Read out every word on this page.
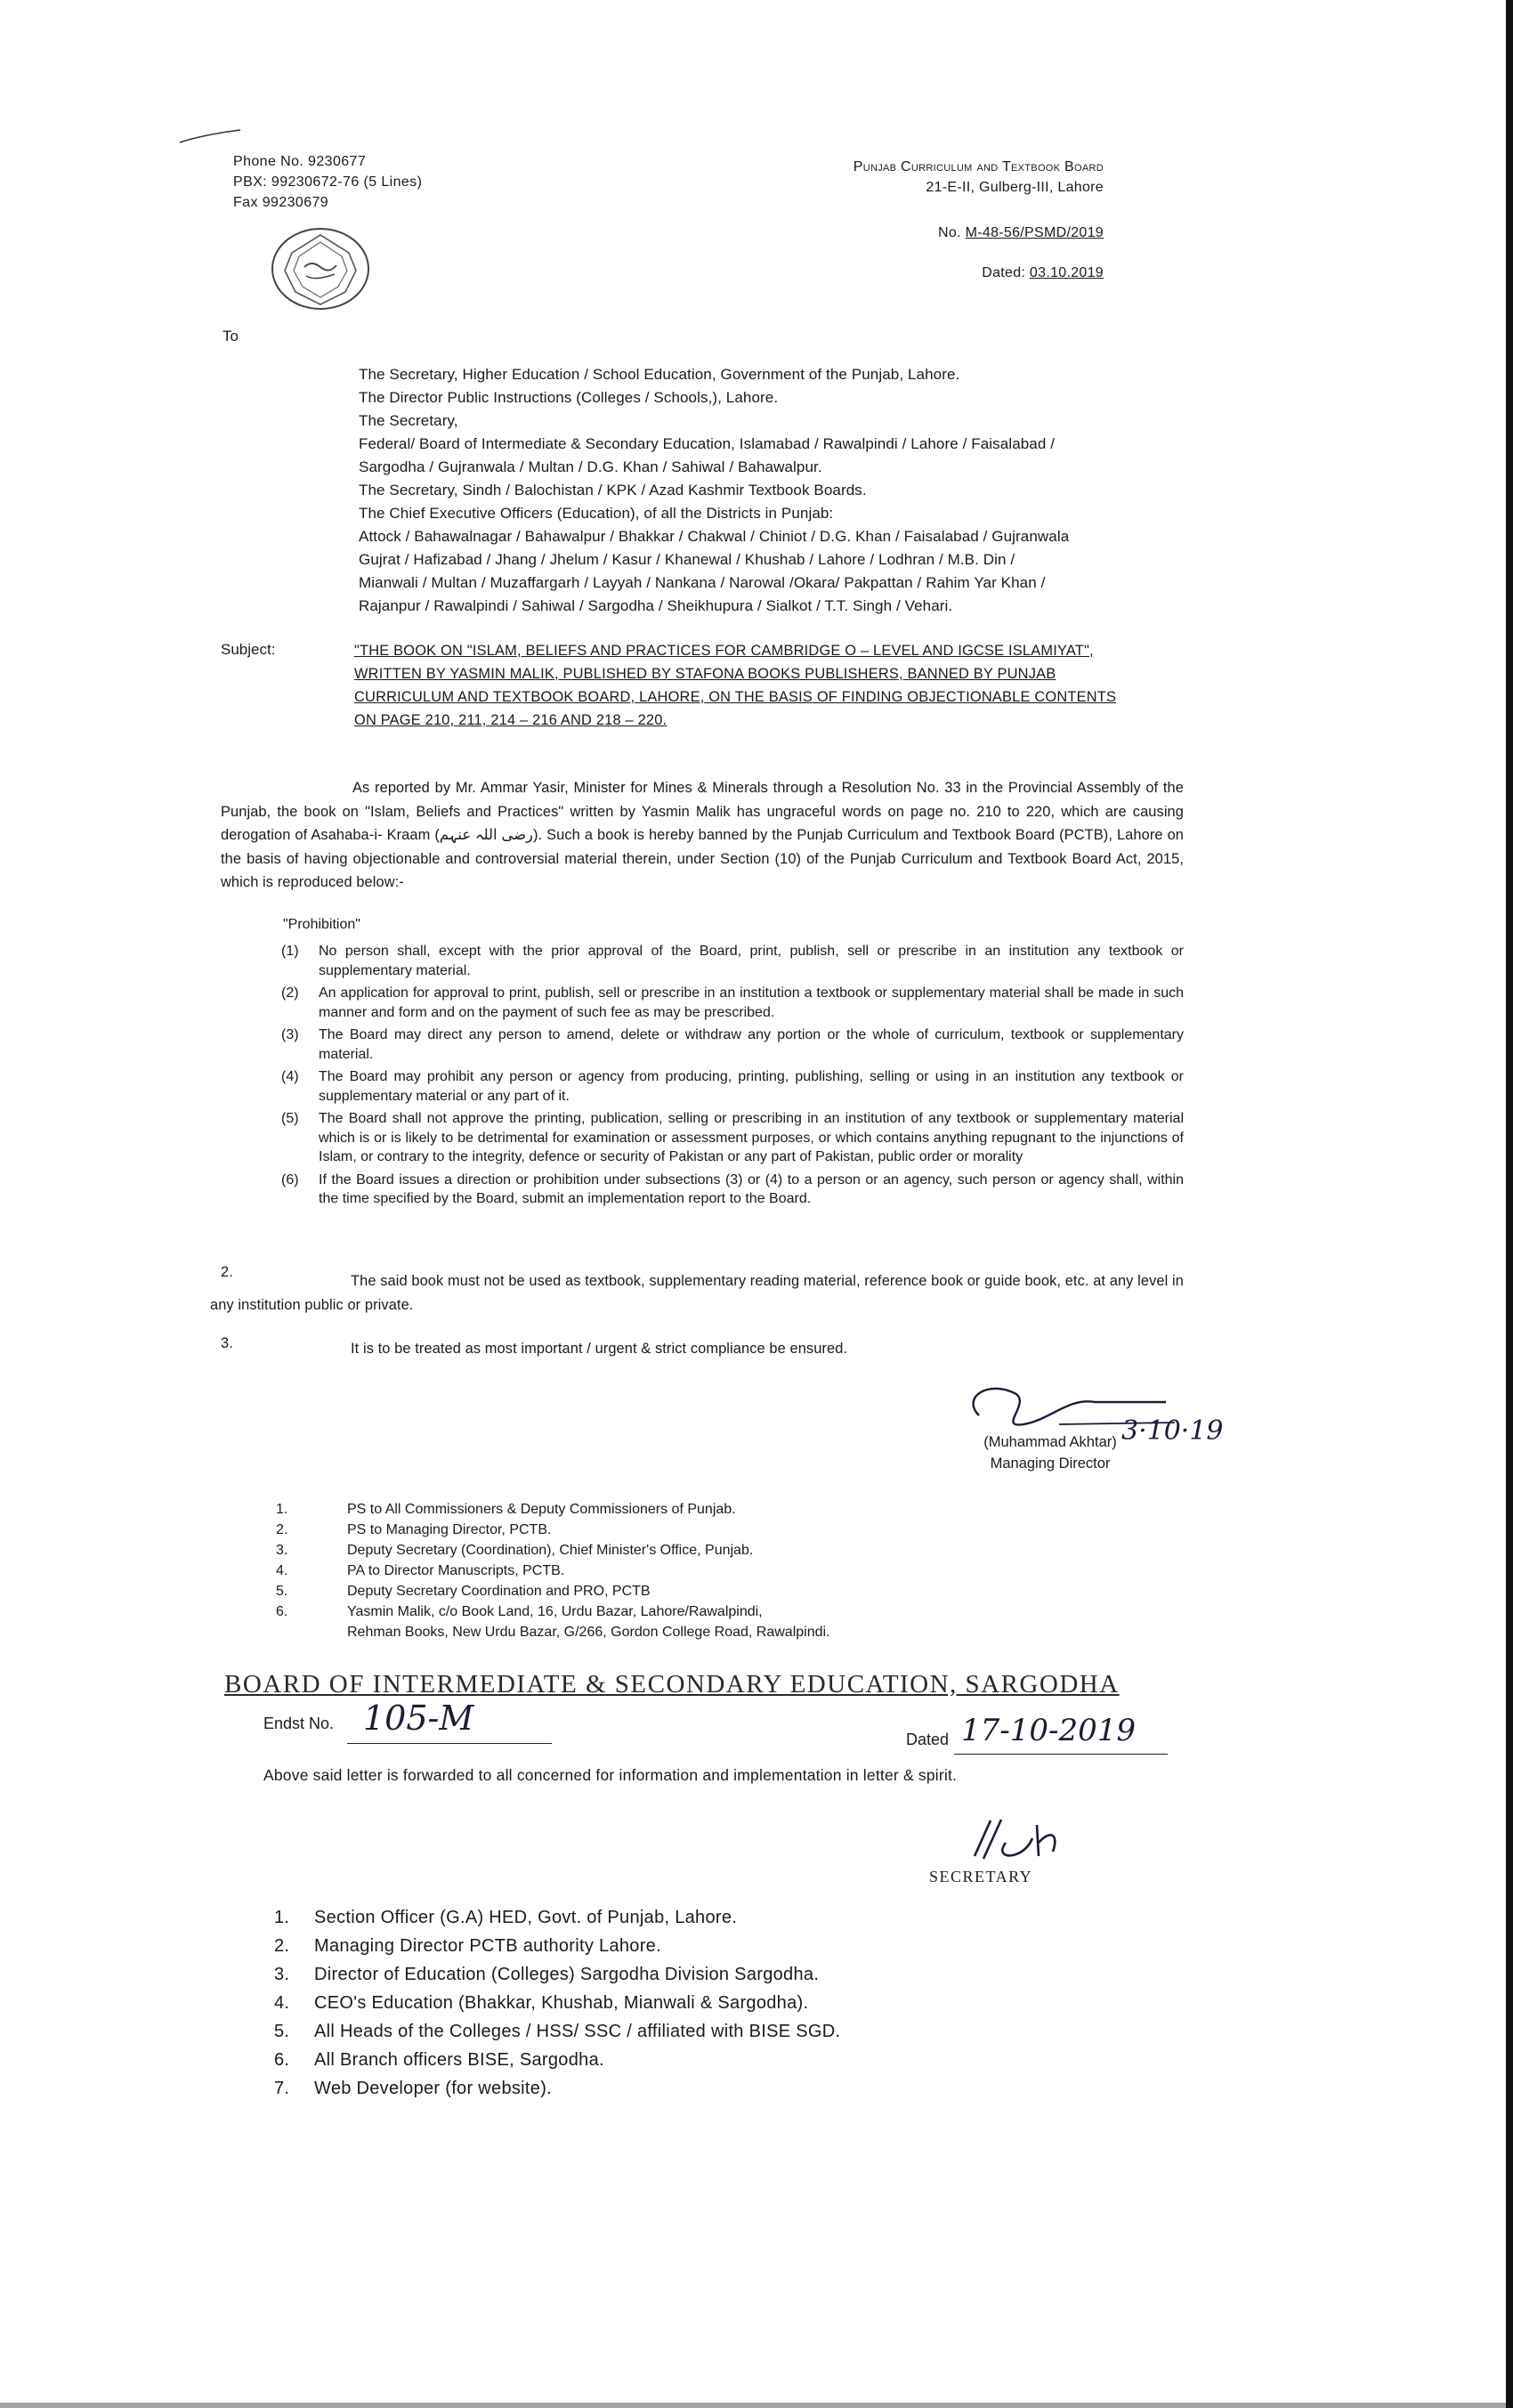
Phone No. 9230677
PBX: 99230672-76 (5 Lines)
Fax 99230679
Punjab Curriculum and Textbook Board
21-E-II, Gulberg-III, Lahore
No. M-48-56/PSMD/2019
Dated: 03.10.2019
To
The Secretary, Higher Education / School Education, Government of the Punjab, Lahore.
The Director Public Instructions (Colleges / Schools,), Lahore.
The Secretary,
Federal/ Board of Intermediate & Secondary Education, Islamabad / Rawalpindi / Lahore / Faisalabad /
Sargodha / Gujranwala / Multan / D.G. Khan / Sahiwal / Bahawalpur.
The Secretary, Sindh / Balochistan / KPK / Azad Kashmir Textbook Boards.
The Chief Executive Officers (Education), of all the Districts in Punjab:
Attock / Bahawalnagar / Bahawalpur / Bhakkar / Chakwal / Chiniot / D.G. Khan / Faisalabad / Gujranwala
Gujrat / Hafizabad / Jhang / Jhelum / Kasur / Khanewal / Khushab / Lahore / Lodhran / M.B. Din /
Mianwali / Multan / Muzaffargarh / Layyah / Nankana / Narowal /Okara/ Pakpattan / Rahim Yar Khan /
Rajanpur / Rawalpindi / Sahiwal / Sargodha / Sheikhupura / Sialkot / T.T. Singh / Vehari.
Subject:	"THE BOOK ON "ISLAM, BELIEFS AND PRACTICES FOR CAMBRIDGE O – LEVEL AND IGCSE ISLAMIYAT",
WRITTEN BY YASMIN MALIK, PUBLISHED BY STAFONA BOOKS PUBLISHERS, BANNED BY PUNJAB
CURRICULUM AND TEXTBOOK BOARD, LAHORE, ON THE BASIS OF FINDING OBJECTIONABLE CONTENTS
ON PAGE 210, 211, 214 – 216 AND 218 – 220.
As reported by Mr. Ammar Yasir, Minister for Mines & Minerals through a Resolution No. 33 in the Provincial Assembly of the Punjab, the book on "Islam, Beliefs and Practices" written by Yasmin Malik has ungraceful words on page no. 210 to 220, which are causing derogation of Asahaba-i- Kraam (رضی اللہ عنہم). Such a book is hereby banned by the Punjab Curriculum and Textbook Board (PCTB), Lahore on the basis of having objectionable and controversial material therein, under Section (10) of the Punjab Curriculum and Textbook Board Act, 2015, which is reproduced below:-
"Prohibition"
(1)	No person shall, except with the prior approval of the Board, print, publish, sell or prescribe in an institution any textbook or supplementary material.
(2)	An application for approval to print, publish, sell or prescribe in an institution a textbook or supplementary material shall be made in such manner and form and on the payment of such fee as may be prescribed.
(3)	The Board may direct any person to amend, delete or withdraw any portion or the whole of curriculum, textbook or supplementary material.
(4)	The Board may prohibit any person or agency from producing, printing, publishing, selling or using in an institution any textbook or supplementary material or any part of it.
(5)	The Board shall not approve the printing, publication, selling or prescribing in an institution of any textbook or supplementary material which is or is likely to be detrimental for examination or assessment purposes, or which contains anything repugnant to the injunctions of Islam, or contrary to the integrity, defence or security of Pakistan or any part of Pakistan, public order or morality
(6)	If the Board issues a direction or prohibition under subsections (3) or (4) to a person or an agency, such person or agency shall, within the time specified by the Board, submit an implementation report to the Board.
2.
The said book must not be used as textbook, supplementary reading material, reference book or guide book, etc. at any level in any institution public or private.
3.	It is to be treated as most important / urgent & strict compliance be ensured.
3·10·19
(Muhammad Akhtar)
Managing Director
1.	PS to All Commissioners & Deputy Commissioners of Punjab.
2.	PS to Managing Director, PCTB.
3.	Deputy Secretary (Coordination), Chief Minister's Office, Punjab.
4.	PA to Director Manuscripts, PCTB.
5.	Deputy Secretary Coordination and PRO, PCTB
6.	Yasmin Malik, c/o Book Land, 16, Urdu Bazar, Lahore/Rawalpindi,
Rehman Books, New Urdu Bazar, G/266, Gordon College Road, Rawalpindi.
BOARD OF INTERMEDIATE & SECONDARY EDUCATION, SARGODHA
Endst No. 105-M
Dated 17-10-2019
Above said letter is forwarded to all concerned for information and implementation in letter & spirit.
SECRETARY
1.	Section Officer (G.A) HED, Govt. of Punjab, Lahore.
2.	Managing Director PCTB authority Lahore.
3.	Director of Education (Colleges) Sargodha Division Sargodha.
4.	CEO's Education (Bhakkar, Khushab, Mianwali & Sargodha).
5.	All Heads of the Colleges / HSS/ SSC / affiliated with BISE SGD.
6.	All Branch officers BISE, Sargodha.
7.	Web Developer (for website).
